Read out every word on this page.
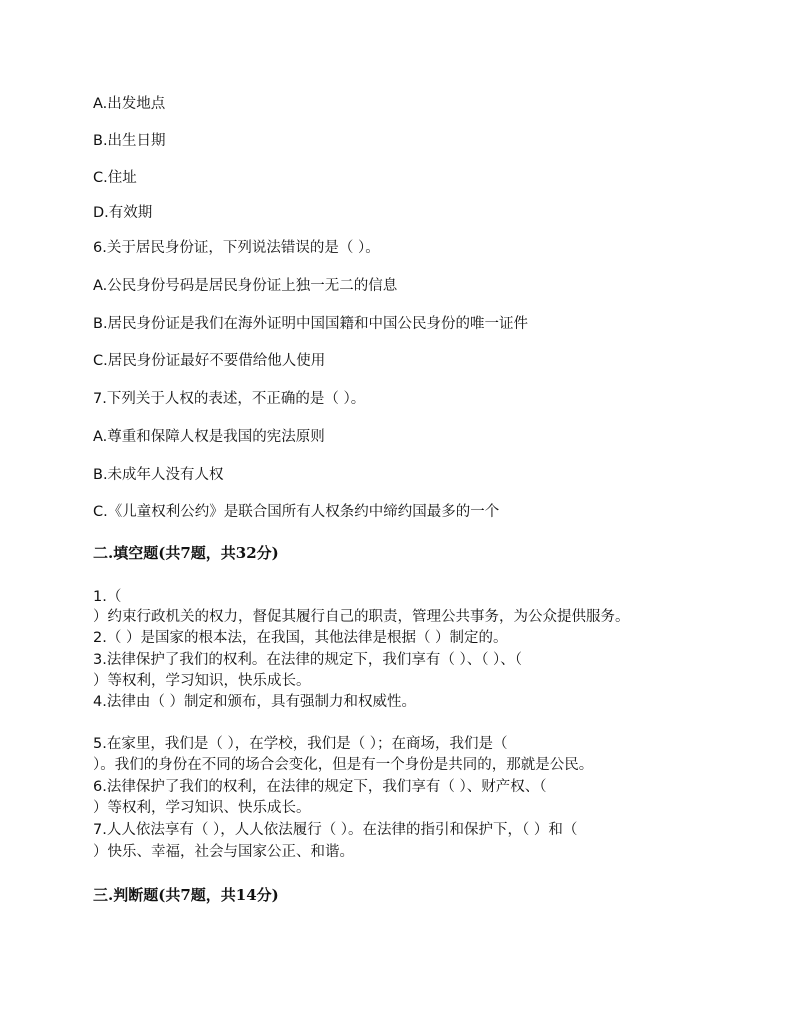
A.出发地点
B.出生日期
C.住址
D.有效期
6.关于居民身份证，下列说法错误的是（ ）。
A.公民身份号码是居民身份证上独一无二的信息
B.居民身份证是我们在海外证明中国国籍和中国公民身份的唯一证件
C.居民身份证最好不要借给他人使用
7.下列关于人权的表述，不正确的是（ ）。
A.尊重和保障人权是我国的宪法原则
B.未成年人没有人权
C.《儿童权利公约》是联合国所有人权条约中缔约国最多的一个
二.填空题(共7题，共32分)
1.（
）约束行政机关的权力，督促其履行自己的职责，管理公共事务，为公众提供服务。
2.（ ）是国家的根本法，在我国，其他法律是根据（ ）制定的。
3.法律保护了我们的权利。在法律的规定下，我们享有（ ）、（ ）、（
）等权利，学习知识，快乐成长。
4.法律由（ ）制定和颁布，具有强制力和权威性。
5.在家里，我们是（ ），在学校，我们是（ ）；在商场，我们是（
）。我们的身份在不同的场合会变化，但是有一个身份是共同的，那就是公民。
6.法律保护了我们的权利，在法律的规定下，我们享有（ ）、财产权、（
）等权利，学习知识、快乐成长。
7.人人依法享有（ ），人人依法履行（ ）。在法律的指引和保护下，（ ）和（
）快乐、幸福，社会与国家公正、和谐。
三.判断题(共7题，共14分)
